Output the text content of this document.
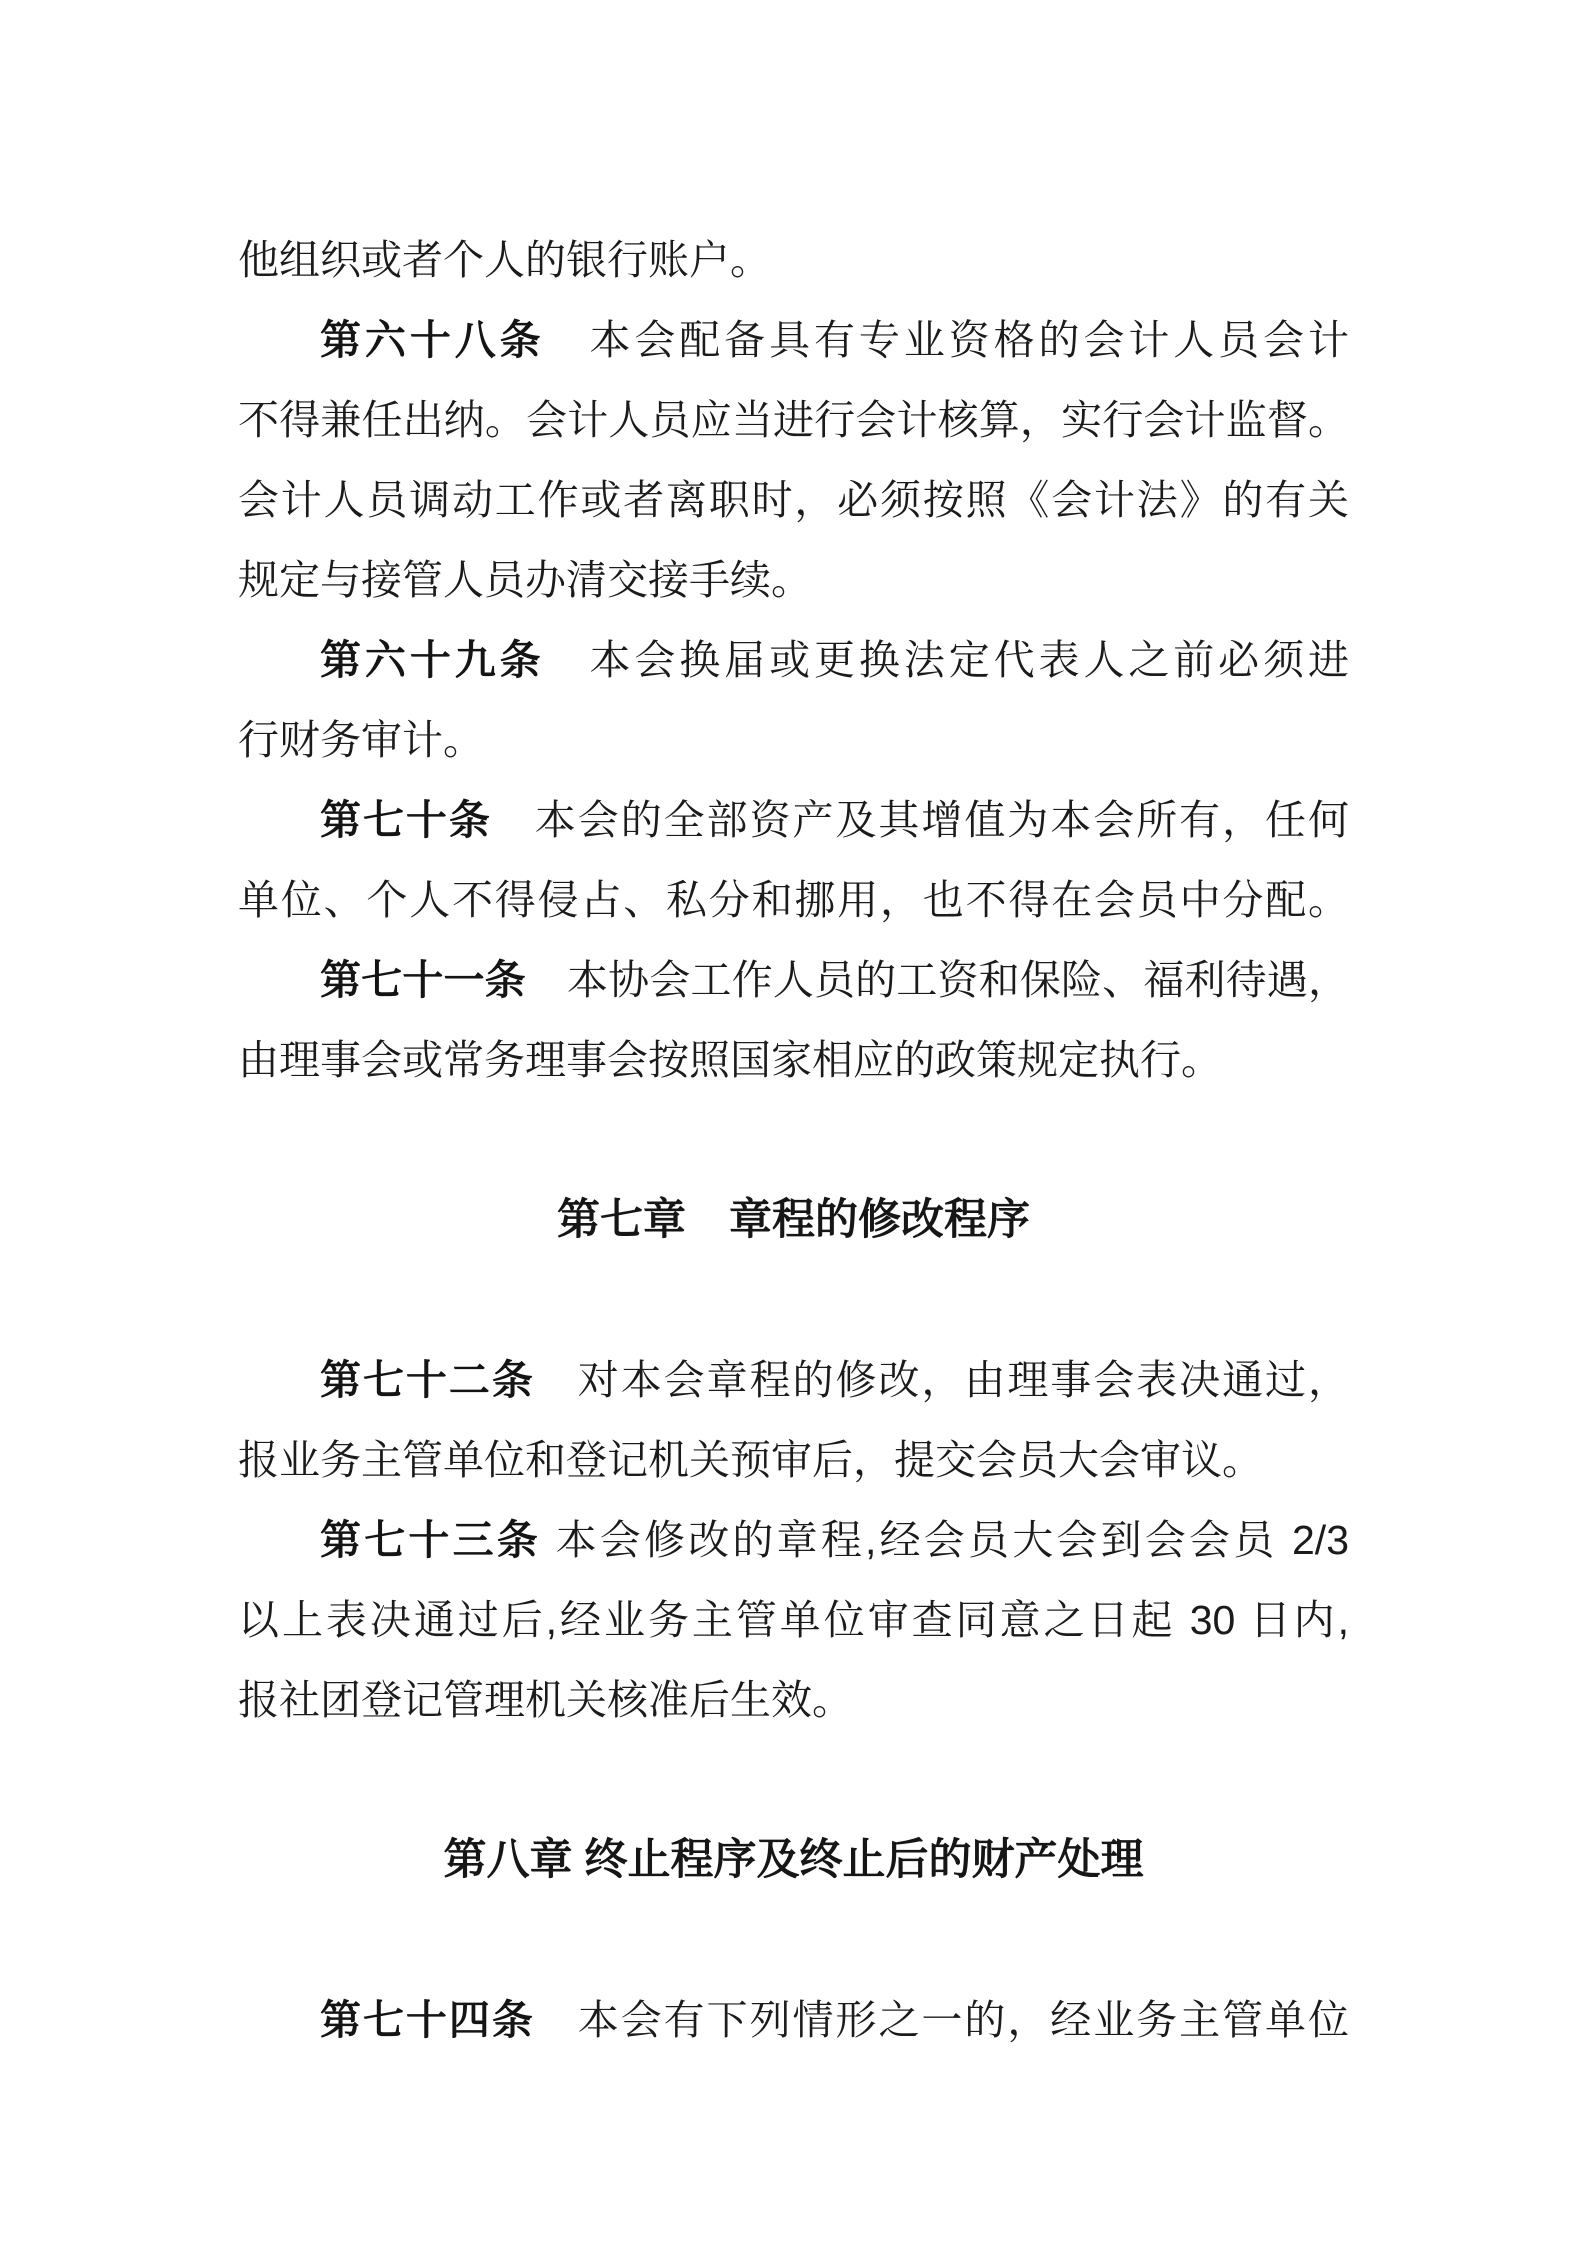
他组织或者个人的银行账户。
第六十八条　本会配备具有专业资格的会计人员会计
不得兼任出纳。会计人员应当进行会计核算，实行会计监督。
会计人员调动工作或者离职时，必须按照《会计法》的有关
规定与接管人员办清交接手续。
第六十九条　本会换届或更换法定代表人之前必须进
行财务审计。
第七十条　本会的全部资产及其增值为本会所有，任何
单位、个人不得侵占、私分和挪用，也不得在会员中分配。
第七十一条　本协会工作人员的工资和保险、福利待遇，
由理事会或常务理事会按照国家相应的政策规定执行。
第七章　章程的修改程序
第七十二条　对本会章程的修改，由理事会表决通过，
报业务主管单位和登记机关预审后，提交会员大会审议。
第七十三条 本会修改的章程,经会员大会到会会员 2/3
以上表决通过后,经业务主管单位审查同意之日起 30 日内,
报社团登记管理机关核准后生效。
第八章 终止程序及终止后的财产处理
第七十四条　本会有下列情形之一的，经业务主管单位
